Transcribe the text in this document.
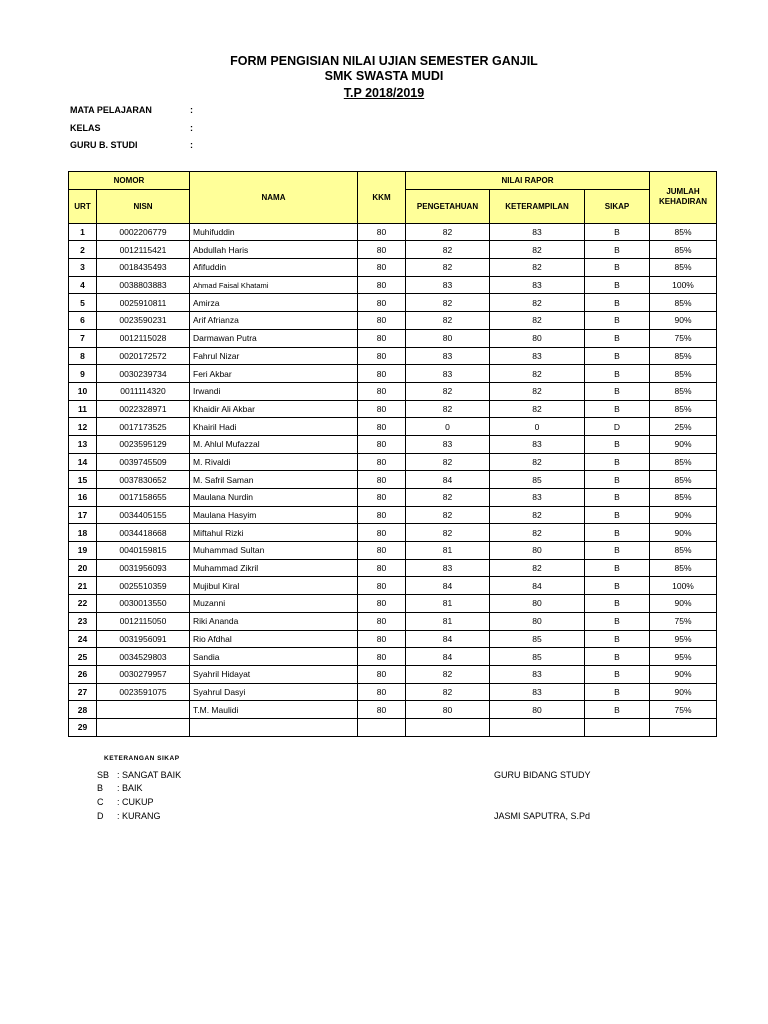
FORM PENGISIAN NILAI UJIAN SEMESTER GANJIL
SMK SWASTA MUDI
T.P 2018/2019
MATA PELAJARAN	:
KELAS	:
GURU B. STUDI	:
NOMOR		NAMA	KKM	NILAI RAPOR			JUMLAH
KEHADIRAN

URT	NISN			PENGETAHUAN	KETERAMPILAN	SIKAP	
1	0002206779	Muhifuddin	80	82	83	B	85%
2	0012115421	Abdullah Haris	80	82	82	B	85%
3	0018435493	Afifuddin	80	82	82	B	85%
4	0038803883	Ahmad Faisal Khatami	80	83	83	B	100%
5	0025910811	Amirza	80	82	82	B	85%
6	0023590231	Arif Afrianza	80	82	82	B	90%
7	0012115028	Darmawan Putra	80	80	80	B	75%
8	0020172572	Fahrul Nizar	80	83	83	B	85%
9	0030239734	Feri Akbar	80	83	82	B	85%
10	0011114320	Irwandi	80	82	82	B	85%
11	0022328971	Khaidir Ali Akbar	80	82	82	B	85%
12	0017173525	Khairil Hadi	80	0	0	D	25%
13	0023595129	M. Ahlul Mufazzal	80	83	83	B	90%
14	0039745509	M. Rivaldi	80	82	82	B	85%
15	0037830652	M. Safril Saman	80	84	85	B	85%
16	0017158655	Maulana Nurdin	80	82	83	B	85%
17	0034405155	Maulana Hasyim	80	82	82	B	90%
18	0034418668	Miftahul Rizki	80	82	82	B	90%
19	0040159815	Muhammad Sultan	80	81	80	B	85%
20	0031956093	Muhammad Zikril	80	83	82	B	85%
21	0025510359	Mujibul Kiral	80	84	84	B	100%
22	0030013550	Muzanni	80	81	80	B	90%
23	0012115050	Riki Ananda	80	81	80	B	75%
24	0031956091	Rio Afdhal	80	84	85	B	95%
25	0034529803	Sandia	80	84	85	B	95%
26	0030279957	Syahril Hidayat	80	82	83	B	90%
27	0023591075	Syahrul Dasyi	80	82	83	B	90%
28		T.M. Maulidi	80	80	80	B	75%
29							
KETERANGAN SIKAP
SB : SANGAT BAIK
B : BAIK
C : CUKUP
D : KURANG
GURU BIDANG STUDY
JASMI SAPUTRA, S.Pd
